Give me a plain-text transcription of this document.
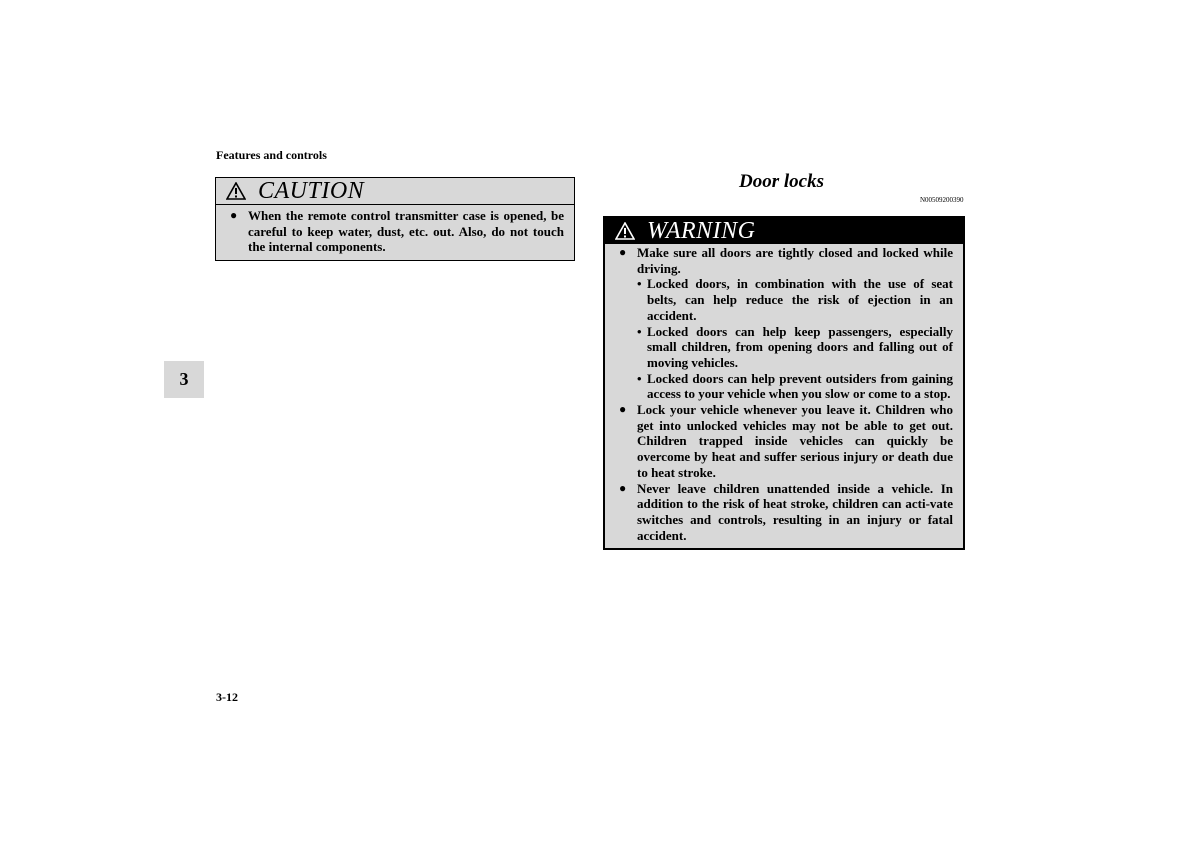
Features and controls
3
3-12
CAUTION
● When the remote control transmitter case is opened, be careful to keep water, dust, etc. out. Also, do not touch the internal components.
Door locks
N00509200390
WARNING
● Make sure all doors are tightly closed and locked while driving.
• Locked doors, in combination with the use of seat belts, can help reduce the risk of ejection in an accident.
• Locked doors can help keep passengers, especially small children, from opening doors and falling out of moving vehicles.
• Locked doors can help prevent outsiders from gaining access to your vehicle when you slow or come to a stop.
● Lock your vehicle whenever you leave it. Children who get into unlocked vehicles may not be able to get out. Children trapped inside vehicles can quickly be overcome by heat and suffer serious injury or death due to heat stroke.
● Never leave children unattended inside a vehicle. In addition to the risk of heat stroke, children can acti-vate switches and controls, resulting in an injury or fatal accident.
